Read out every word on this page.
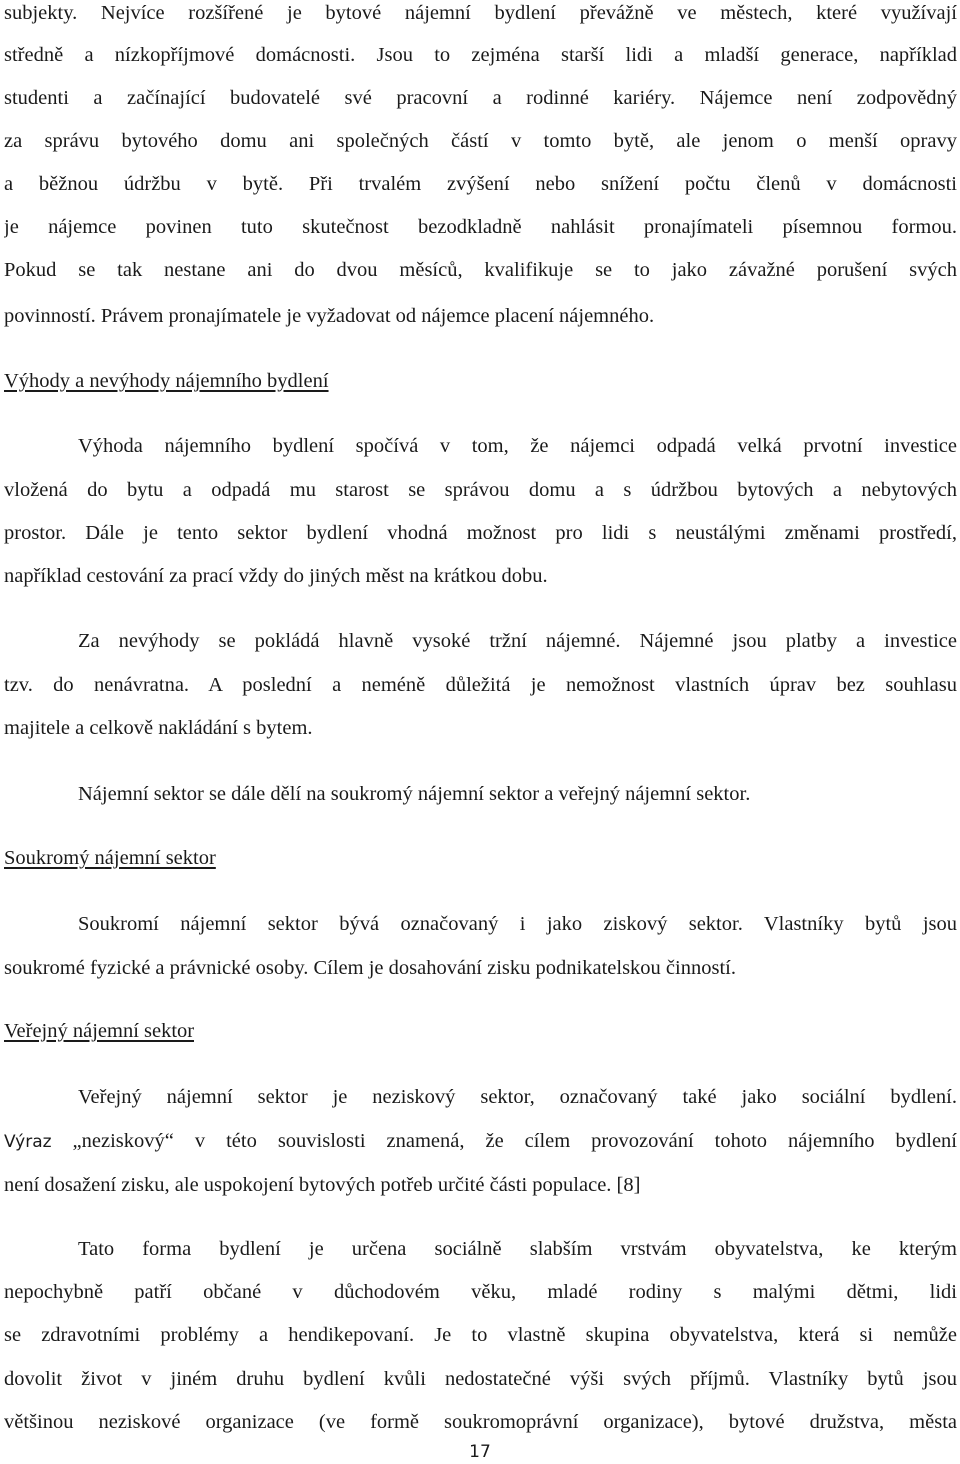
subjekty. Nejvíce rozšířené je bytové nájemní bydlení převážně ve městech, které využívají
středně a nízkopříjmové domácnosti. Jsou to zejména starší lidi a mladší generace, například
studenti a začínající budovatelé své pracovní a rodinné kariéry. Nájemce není zodpovědný
za správu bytového domu ani společných částí v tomto bytě, ale jenom o menší opravy
a běžnou údržbu v bytě. Při trvalém zvýšení nebo snížení počtu členů v domácnosti
je nájemce povinen tuto skutečnost bezodkladně nahlásit pronajímateli písemnou formou.
Pokud se tak nestane ani do dvou měsíců, kvalifikuje se to jako závažné porušení svých
povinností. Právem pronajímatele je vyžadovat od nájemce placení nájemného.
Výhody a nevýhody nájemního bydlení
Výhoda nájemního bydlení spočívá v tom, že nájemci odpadá velká prvotní investice
vložená do bytu a odpadá mu starost se správou domu a s údržbou bytových a nebytových
prostor. Dále je tento sektor bydlení vhodná možnost pro lidi s neustálými změnami prostředí,
například cestování za prací vždy do jiných měst na krátkou dobu.
Za nevýhody se pokládá hlavně vysoké tržní nájemné. Nájemné jsou platby a investice
tzv. do nenávratna. A poslední a neméně důležitá je nemožnost vlastních úprav bez souhlasu
majitele a celkově nakládání s bytem.
Nájemní sektor se dále dělí na soukromý nájemní sektor a veřejný nájemní sektor.
Soukromý nájemní sektor
Soukromí nájemní sektor bývá označovaný i jako ziskový sektor. Vlastníky bytů jsou
soukromé fyzické a právnické osoby. Cílem je dosahování zisku podnikatelskou činností.
Veřejný nájemní sektor
Veřejný nájemní sektor je neziskový sektor, označovaný také jako sociální bydlení.
Výraz „neziskový“ v této souvislosti znamená, že cílem provozování tohoto nájemního bydlení
není dosažení zisku, ale uspokojení bytových potřeb určité části populace. [8]
Tato forma bydlení je určena sociálně slabším vrstvám obyvatelstva, ke kterým
nepochybně patří občané v důchodovém věku, mladé rodiny s malými dětmi, lidi
se zdravotními problémy a hendikepovaní. Je to vlastně skupina obyvatelstva, která si nemůže
dovolit život v jiném druhu bydlení kvůli nedostatečné výši svých příjmů. Vlastníky bytů jsou
většinou neziskové organizace (ve formě soukromoprávní organizace), bytové družstva, města
17
